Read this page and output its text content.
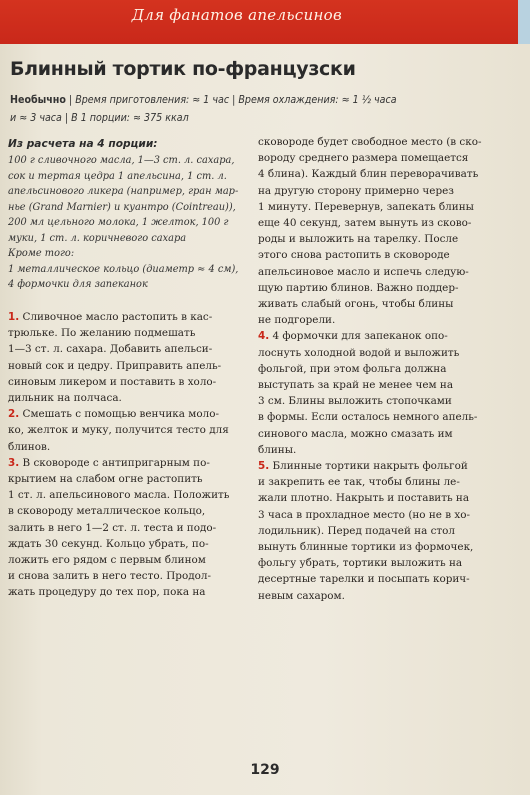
Для фанатов апельсинов
Блинный тортик по-французски
Необычно | Время приготовления: ≈ 1 час | Время охлаждения: ≈ 1 ½ часа
и ≈ 3 часа | В 1 порции: ≈ 375 ккал
Из расчета на 4 порции:
100 г сливочного масла, 1—3 ст. л. сахара,
сок и тертая цедра 1 апельсина, 1 ст. л.
апельсинового ликера (например, гран мар-
нье (Grand Marnier) и куантро (Cointreau)),
200 мл цельного молока, 1 желток, 100 г
муки, 1 ст. л. коричневого сахара
Кроме того:
1 металлическое кольцо (диаметр ≈ 4 см),
4 формочки для запеканок
1. Сливочное масло растопить в кас-
трюльке. По желанию подмешать
1—3 ст. л. сахара. Добавить апельси-
новый сок и цедру. Приправить апель-
синовым ликером и поставить в холо-
дильник на полчаса.
2. Смешать с помощью венчика моло-
ко, желток и муку, получится тесто для
блинов.
3. В сковороде с антипригарным по-
крытием на слабом огне растопить
1 ст. л. апельсинового масла. Положить
в сковороду металлическое кольцо,
залить в него 1—2 ст. л. теста и подо-
ждать 30 секунд. Кольцо убрать, по-
ложить его рядом с первым блином
и снова залить в него тесто. Продол-
жать процедуру до тех пор, пока на
сковороде будет свободное место (в ско-
вороду среднего размера помещается
4 блина). Каждый блин переворачивать
на другую сторону примерно через
1 минуту. Перевернув, запекать блины
еще 40 секунд, затем вынуть из сково-
роды и выложить на тарелку. После
этого снова растопить в сковороде
апельсиновое масло и испечь следую-
щую партию блинов. Важно поддер-
живать слабый огонь, чтобы блины
не подгорели.
4. 4 формочки для запеканок опо-
лоснуть холодной водой и выложить
фольгой, при этом фольга должна
выступать за край не менее чем на
3 см. Блины выложить стопочками
в формы. Если осталось немного апель-
синового масла, можно смазать им
блины.
5. Блинные тортики накрыть фольгой
и закрепить ее так, чтобы блины ле-
жали плотно. Накрыть и поставить на
3 часа в прохладное место (но не в хо-
лодильник). Перед подачей на стол
вынуть блинные тортики из формочек,
фольгу убрать, тортики выложить на
десертные тарелки и посыпать корич-
невым сахаром.
129
